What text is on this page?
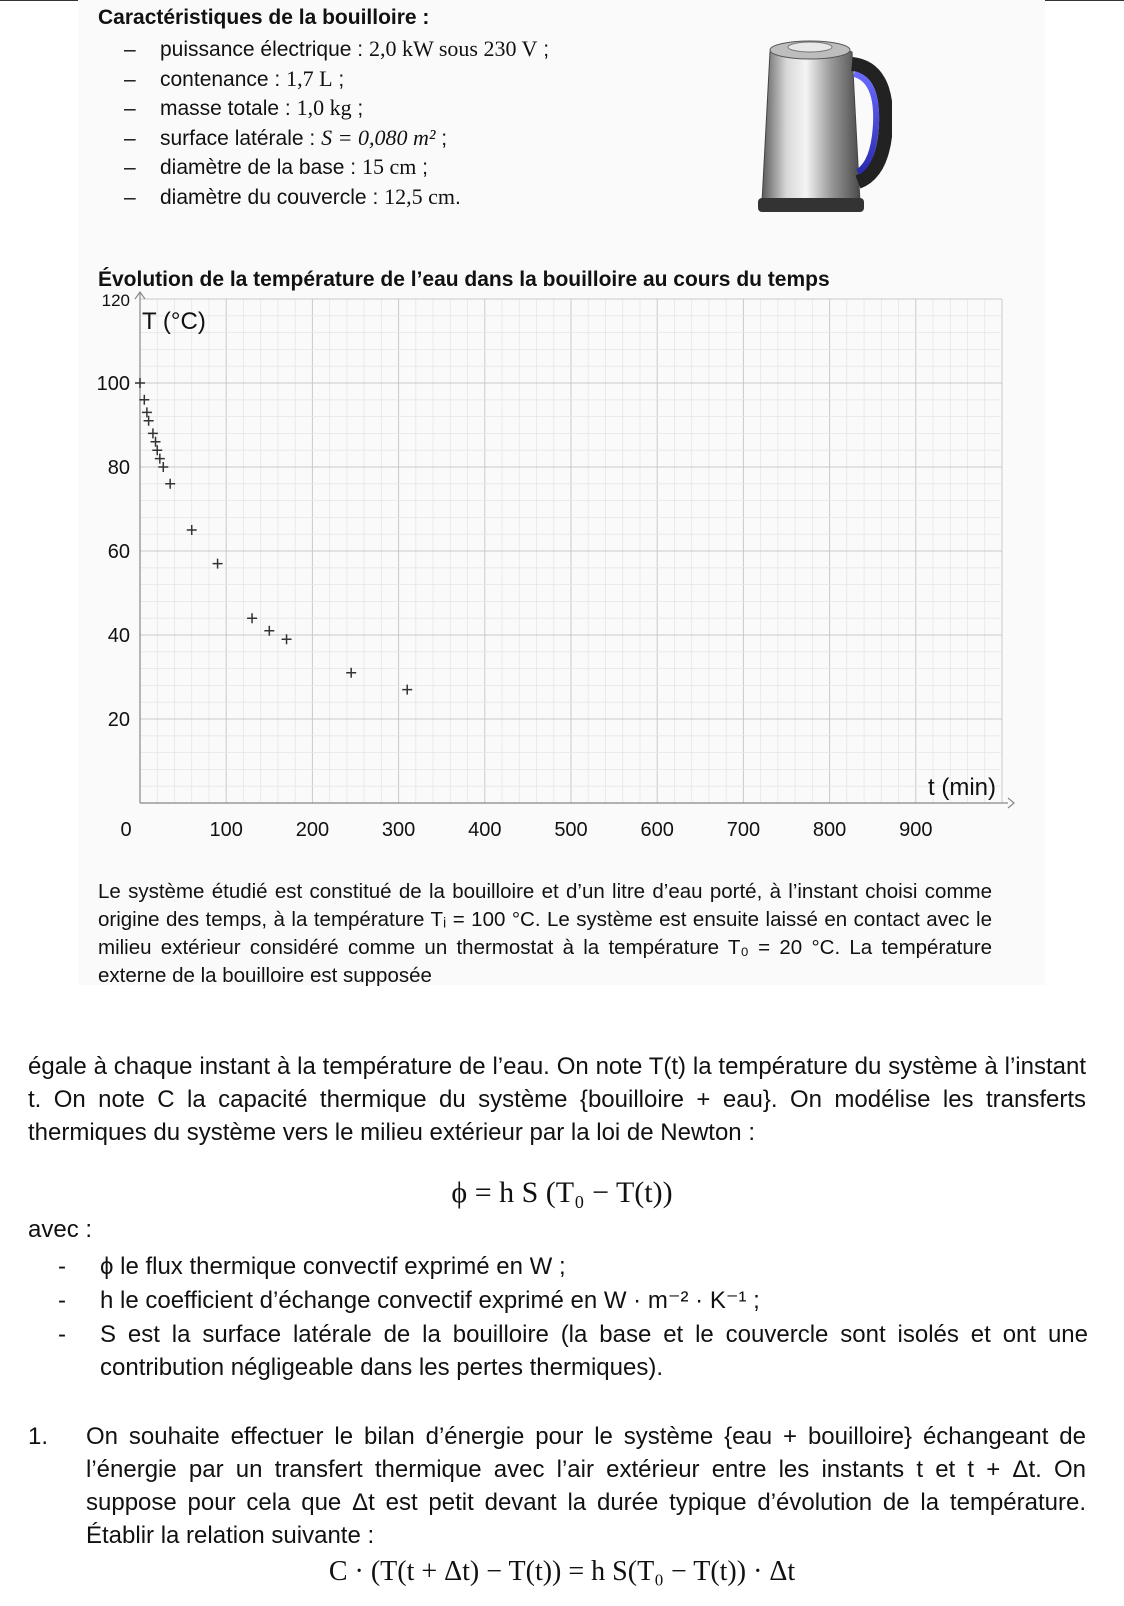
Caractéristiques de la bouilloire :
– puissance électrique : 2,0 kW sous 230 V ;
– contenance : 1,7 L ;
– masse totale : 1,0 kg ;
– surface latérale : S = 0,080 m² ;
– diamètre de la base : 15 cm ;
– diamètre du couvercle : 12,5 cm.
Évolution de la température de l’eau dans la bouilloire au cours du temps
0	100	200	300	400	500	600	700	800	900
20
40
60
80
100
120
T (°C)
t (min)
Le système étudié est constitué de la bouilloire et d’un litre d’eau porté, à l’instant choisi comme origine des temps, à la température Tᵢ = 100 °C. Le système est ensuite laissé en contact avec le milieu extérieur considéré comme un thermostat à la température T₀ = 20 °C. La température externe de la bouilloire est supposée
égale à chaque instant à la température de l’eau. On note T(t) la température du système à l’instant t. On note C la capacité thermique du système {bouilloire + eau}. On modélise les transferts thermiques du système vers le milieu extérieur par la loi de Newton :
ϕ = h S (T₀ − T(t))
avec :
- ϕ le flux thermique convectif exprimé en W ;
- h le coefficient d’échange convectif exprimé en W · m⁻² · K⁻¹ ;
- S est la surface latérale de la bouilloire (la base et le couvercle sont isolés et ont une contribution négligeable dans les pertes thermiques).
1. On souhaite effectuer le bilan d’énergie pour le système {eau + bouilloire} échangeant de l’énergie par un transfert thermique avec l’air extérieur entre les instants t et t + Δt. On suppose pour cela que Δt est petit devant la durée typique d’évolution de la température. Établir la relation suivante :
C · (T(t + Δt) − T(t)) = h S(T₀ − T(t)) · Δt
